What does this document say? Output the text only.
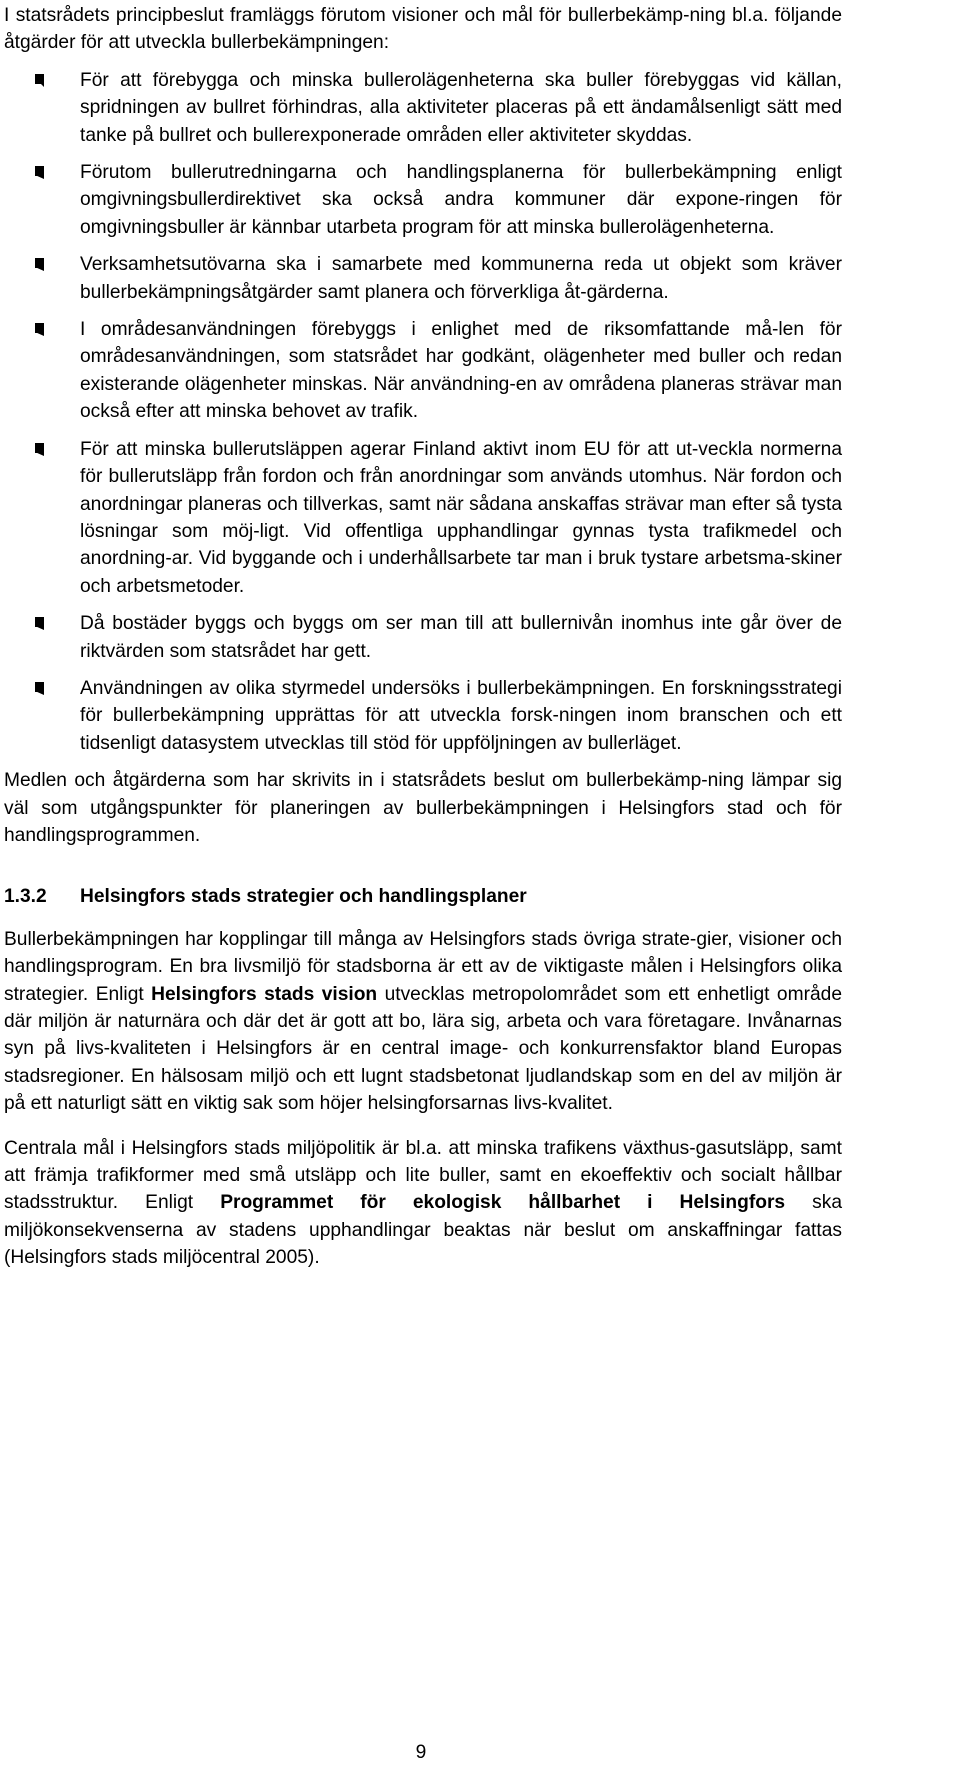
I statsrådets principbeslut framläggs förutom visioner och mål för bullerbekämp-ning bl.a. följande åtgärder för att utveckla bullerbekämpningen:

För att förebygga och minska bullerolägenheterna ska buller förebyggas vid källan, spridningen av bullret förhindras, alla aktiviteter placeras på ett ändamålsenligt sätt med tanke på bullret och bullerexponerade områden eller aktiviteter skyddas.

Förutom bullerutredningarna och handlingsplanerna för bullerbekämpning enligt omgivningsbullerdirektivet ska också andra kommuner där expone-ringen för omgivningsbuller är kännbar utarbeta program för att minska bullerolägenheterna.

Verksamhetsutövarna ska i samarbete med kommunerna reda ut objekt som kräver bullerbekämpningsåtgärder samt planera och förverkliga åt-gärderna.

I områdesanvändningen förebyggs i enlighet med de riksomfattande må-len för områdesanvändningen, som statsrådet har godkänt, olägenheter med buller och redan existerande olägenheter minskas. När användning-en av områdena planeras strävar man också efter att minska behovet av trafik.

För att minska bullerutsläppen agerar Finland aktivt inom EU för att ut-veckla normerna för bullerutsläpp från fordon och från anordningar som används utomhus. När fordon och anordningar planeras och tillverkas, samt när sådana anskaffas strävar man efter så tysta lösningar som möj-ligt. Vid offentliga upphandlingar gynnas tysta trafikmedel och anordning-ar. Vid byggande och i underhållsarbete tar man i bruk tystare arbetsma-skiner och arbetsmetoder.

Då bostäder byggs och byggs om ser man till att bullernivån inomhus inte går över de riktvärden som statsrådet har gett.

Användningen av olika styrmedel undersöks i bullerbekämpningen. En forskningsstrategi för bullerbekämpning upprättas för att utveckla forsk-ningen inom branschen och ett tidsenligt datasystem utvecklas till stöd för uppföljningen av bullerläget.

Medlen och åtgärderna som har skrivits in i statsrådets beslut om bullerbekämp-ning lämpar sig väl som utgångspunkter för planeringen av bullerbekämpningen i Helsingfors stad och för handlingsprogrammen.

1.3.2	Helsingfors stads strategier och handlingsplaner

Bullerbekämpningen har kopplingar till många av Helsingfors stads övriga strate-gier, visioner och handlingsprogram. En bra livsmiljö för stadsborna är ett av de viktigaste målen i Helsingfors olika strategier. Enligt Helsingfors stads vision utvecklas metropolområdet som ett enhetligt område där miljön är naturnära och där det är gott att bo, lära sig, arbeta och vara företagare. Invånarnas syn på livs-kvaliteten i Helsingfors är en central image- och konkurrensfaktor bland Europas stadsregioner. En hälsosam miljö och ett lugnt stadsbetonat ljudlandskap som en del av miljön är på ett naturligt sätt en viktig sak som höjer helsingforsarnas livs-kvalitet.

Centrala mål i Helsingfors stads miljöpolitik är bl.a. att minska trafikens växthus-gasutsläpp, samt att främja trafikformer med små utsläpp och lite buller, samt en ekoeffektiv och socialt hållbar stadsstruktur. Enligt Programmet för ekologisk hållbarhet i Helsingfors ska miljökonsekvenserna av stadens upphandlingar beaktas när beslut om anskaffningar fattas (Helsingfors stads miljöcentral 2005).

9
